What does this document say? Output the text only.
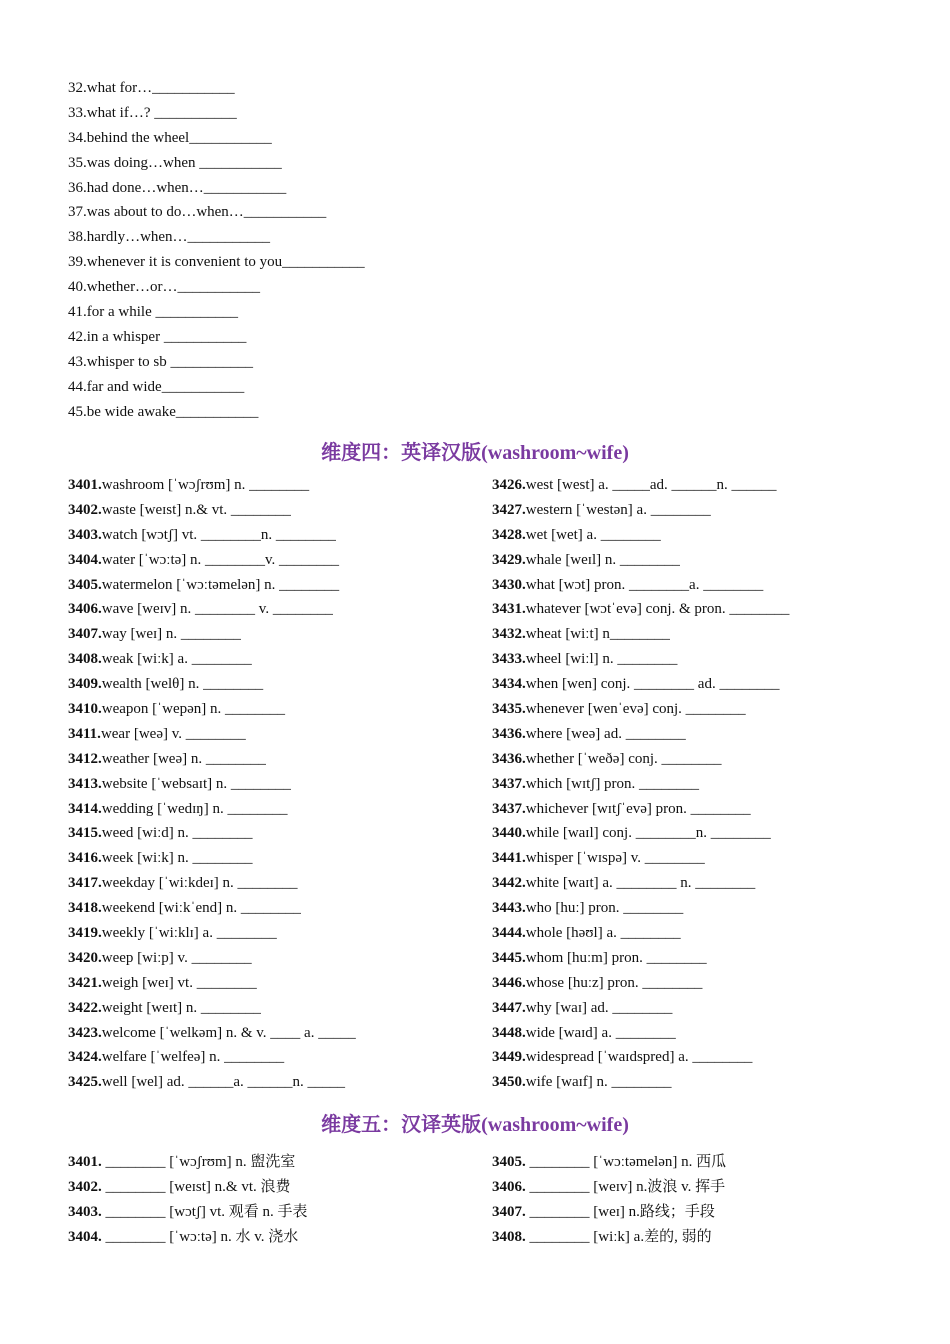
32.what for…___________
33.what if…? ___________
34.behind the wheel___________
35.was doing…when ___________
36.had done…when…___________
37.was about to do…when…___________
38.hardly…when…___________
39.whenever it is convenient to you___________
40.whether…or…___________
41.for a while ___________
42.in a whisper ___________
43.whisper to sb ___________
44.far and wide___________
45.be wide awake___________
维度四：英译汉版(washroom~wife)
3401.washroom [ˈwɔʃrʊm] n. ________
3402.waste [weɪst] n.& vt. ________
3403.watch [wɔtʃ] vt. ________n. ________
3404.water [ˈwɔːtə] n. ________v. ________
3405.watermelon [ˈwɔːtəmelən] n. ________
3406.wave [weɪv] n. ________ v. ________
3407.way [weɪ] n. ________
3408.weak [wiːk] a. ________
3409.wealth [welθ] n. ________
3410.weapon [ˈwepən] n. ________
3411.wear [weə] v. ________
3412.weather [weə] n. ________
3413.website [ˈwebsaɪt] n. ________
3414.wedding [ˈwedɪŋ] n. ________
3415.weed [wiːd] n. ________
3416.week [wiːk] n. ________
3417.weekday [ˈwiːkdeɪ] n. ________
3418.weekend [wiːkˈend] n. ________
3419.weekly [ˈwiːklɪ] a. ________
3420.weep [wiːp] v. ________
3421.weigh [weɪ] vt. ________
3422.weight [weɪt] n. ________
3423.welcome [ˈwelkəm] n. & v. ____ a. _____
3424.welfare [ˈwelfeə] n. ________
3425.well [wel] ad. ______a. ______n. _____
3426.west [west] a. _____ad. ______n. ______
3427.western [ˈwestən] a. ________
3428.wet [wet] a. ________
3429.whale [weɪl] n. ________
3430.what [wɔt] pron. ________a. ________
3431.whatever [wɔtˈevə] conj. & pron. ________
3432.wheat [wiːt] n________
3433.wheel [wiːl] n. ________
3434.when [wen] conj. ________ ad. ________
3435.whenever [wenˈevə] conj. ________
3436.where [weə] ad. ________
3436.whether [ˈweðə] conj. ________
3437.which [wɪtʃ] pron. ________
3437.whichever [wɪtʃˈevə] pron. ________
3440.while [waɪl] conj. ________n. ________
3441.whisper [ˈwɪspə] v. ________
3442.white [waɪt] a. ________ n. ________
3443.who [huː] pron. ________
3444.whole [həʊl] a. ________
3445.whom [huːm] pron. ________
3446.whose [huːz] pron. ________
3447.why [waɪ] ad. ________
3448.wide [waɪd] a. ________
3449.widespread [ˈwaɪdspred] a. ________
3450.wife [waɪf] n. ________
维度五：汉译英版(washroom~wife)
3401. ________ [ˈwɔʃrʊm] n. 盥洗室
3402. ________ [weɪst] n.& vt. 浪费
3403. ________ [wɔtʃ] vt. 观看 n. 手表
3404. ________ [ˈwɔːtə] n. 水 v. 浇水
3405. ________ [ˈwɔːtəmelən] n. 西瓜
3406. ________ [weɪv] n.波浪 v. 挥手
3407. ________ [weɪ] n.路线；手段
3408. ________ [wiːk] a.差的, 弱的
